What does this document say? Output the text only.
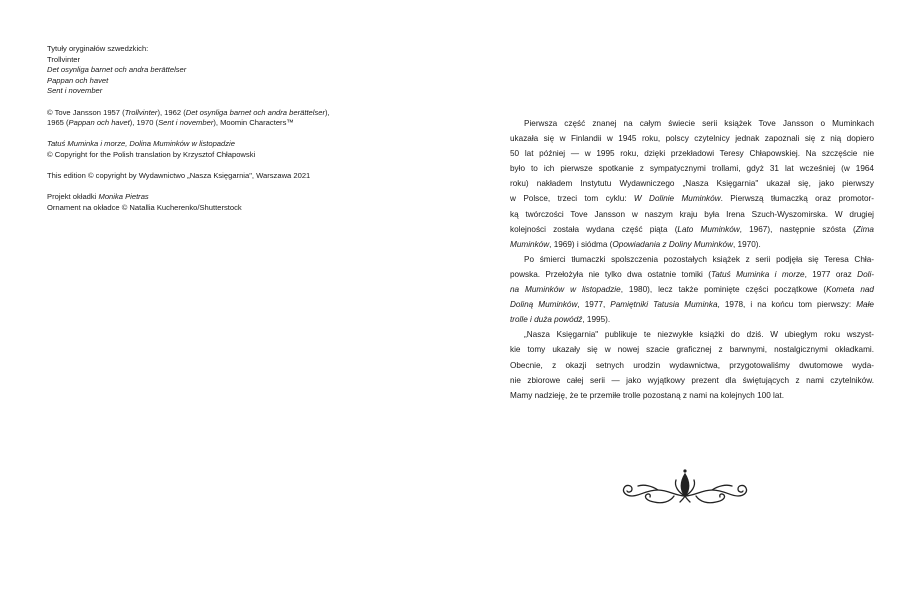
Tytuły oryginałów szwedzkich:

Trollvinter

Det osynliga barnet och andra berättelser

Pappan och havet

Sent i november

© Tove Jansson 1957 (Trollvinter), 1962 (Det osynliga barnet och andra berättelser),

1965 (Pappan och havet), 1970 (Sent i november), Moomin Characters™

Tatuś Muminka i morze, Dolina Muminków w listopadzie

© Copyright for the Polish translation by Krzysztof Chłapowski

This edition © copyright by Wydawnictwo „Nasza Księgarnia", Warszawa 2021

Projekt okładki Monika Pietras

Ornament na okładce © Natallia Kucherenko/Shutterstock

Pierwsza część znanej na całym świecie serii książek Tove Jansson o Muminkach
ukazała się w Finlandii w 1945 roku, polscy czytelnicy jednak zapoznali się z nią dopiero
50 lat później — w 1995 roku, dzięki przekładowi Teresy Chłapowskiej. Na szczęście nie
było to ich pierwsze spotkanie z sympatycznymi trollami, gdyż 31 lat wcześniej (w 1964
roku) nakładem Instytutu Wydawniczego „Nasza Księgarnia" ukazał się, jako pierwszy
w Polsce, trzeci tom cyklu: W Dolinie Muminków. Pierwszą tłumaczką oraz promotor-
ką twórczości Tove Jansson w naszym kraju była Irena Szuch-Wyszomirska. W drugiej
kolejności została wydana część piąta (Lato Muminków, 1967), następnie szósta (Zima
Muminków, 1969) i siódma (Opowiadania z Doliny Muminków, 1970).
Po śmierci tłumaczki spolszczenia pozostałych książek z serii podjęła się Teresa Chła-
powska. Przełożyła nie tylko dwa ostatnie tomiki (Tatuś Muminka i morze, 1977 oraz Doli-
na Muminków w listopadzie, 1980), lecz także pominięte części początkowe (Kometa nad
Doliną Muminków, 1977, Pamiętniki Tatusia Muminka, 1978, i na końcu tom pierwszy: Małe
trolle i duża powódź, 1995).
„Nasza Księgarnia" publikuje te niezwykłe książki do dziś. W ubiegłym roku wszyst-
kie tomy ukazały się w nowej szacie graficznej z barwnymi, nostalgicznymi okładkami.
Obecnie, z okazji setnych urodzin wydawnictwa, przygotowaliśmy dwutomowe wyda-
nie zbiorowe całej serii — jako wyjątkowy prezent dla świętujących z nami czytelników.
Mamy nadzieję, że te przemiłe trolle pozostaną z nami na kolejnych 100 lat.
